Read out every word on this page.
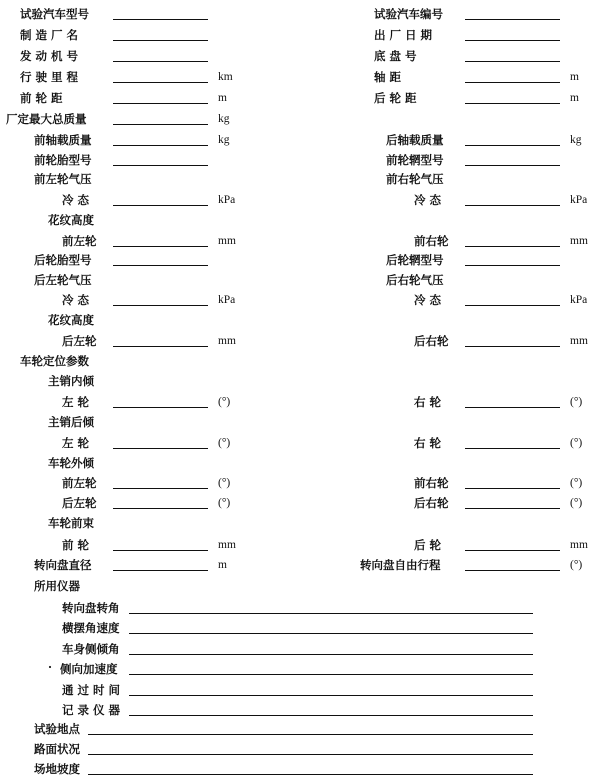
试验汽车型号	试验汽车编号
制 造 厂 名	出 厂 日 期
发 动 机 号	底 盘 号
行 驶 里 程	km	轴 距	m
前 轮 距	m	后 轮 距	m
厂定最大总质量	kg
前轴载质量	kg	后轴载质量	kg
前轮胎型号	前轮辋型号
前左轮气压	前右轮气压
冷 态	kPa	冷 态	kPa
花纹高度
前左轮	mm	前右轮	mm
后轮胎型号	后轮辋型号
后左轮气压	后右轮气压
冷 态	kPa	冷 态	kPa
花纹高度
后左轮	mm	后右轮	mm
车轮定位参数
主销内倾
左 轮	(°)	右 轮	(°)
主销后倾
左 轮	(°)	右 轮	(°)
车轮外倾
前左轮	(°)	前右轮	(°)
后左轮	(°)	后右轮	(°)
车轮前束
前 轮	mm	后 轮	mm
转向盘直径	m	转向盘自由行程	(°)
所用仪器
转向盘转角
横摆角速度
车身侧倾角
· 侧向加速度
通 过 时 间
记 录 仪 器
试验地点
路面状况
场地坡度
